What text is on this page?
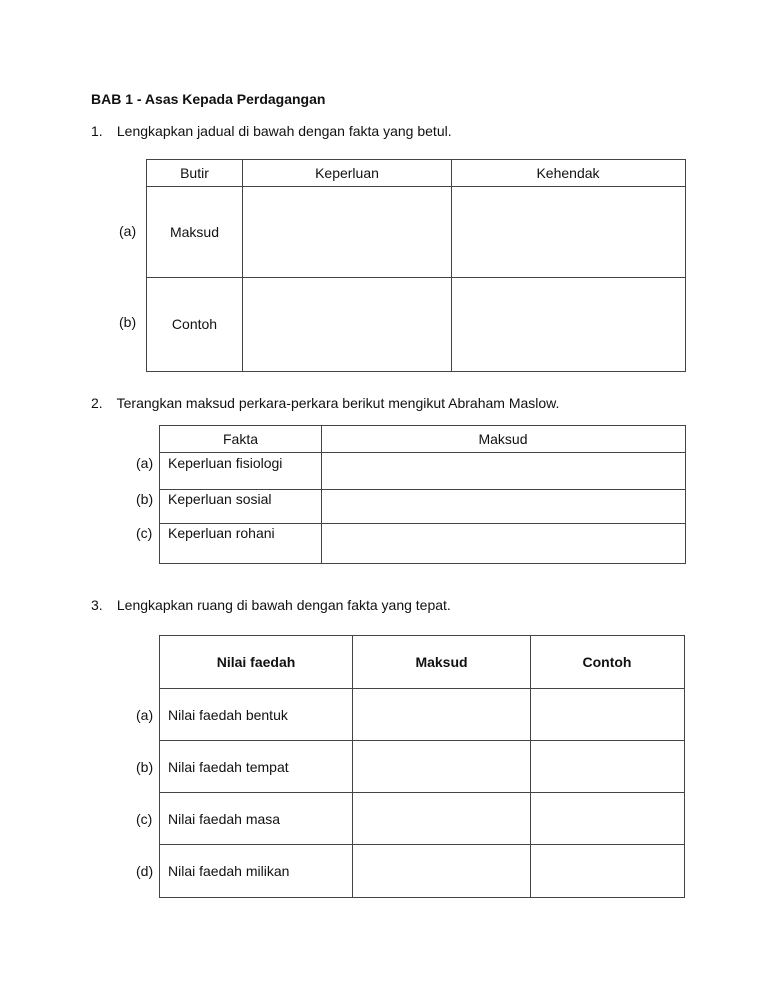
BAB 1 - Asas Kepada Perdagangan
1. Lengkapkan jadual di bawah dengan fakta yang betul.
Butir	Keperluan	Kehendak
(a)	Maksud
(b)	Contoh
2. Terangkan maksud perkara-perkara berikut mengikut Abraham Maslow.
Fakta	Maksud
(a) Keperluan fisiologi
(b) Keperluan sosial
(c) Keperluan rohani
3. Lengkapkan ruang di bawah dengan fakta yang tepat.
Nilai faedah	Maksud	Contoh
(a) Nilai faedah bentuk
(b) Nilai faedah tempat
(c) Nilai faedah masa
(d) Nilai faedah milikan
